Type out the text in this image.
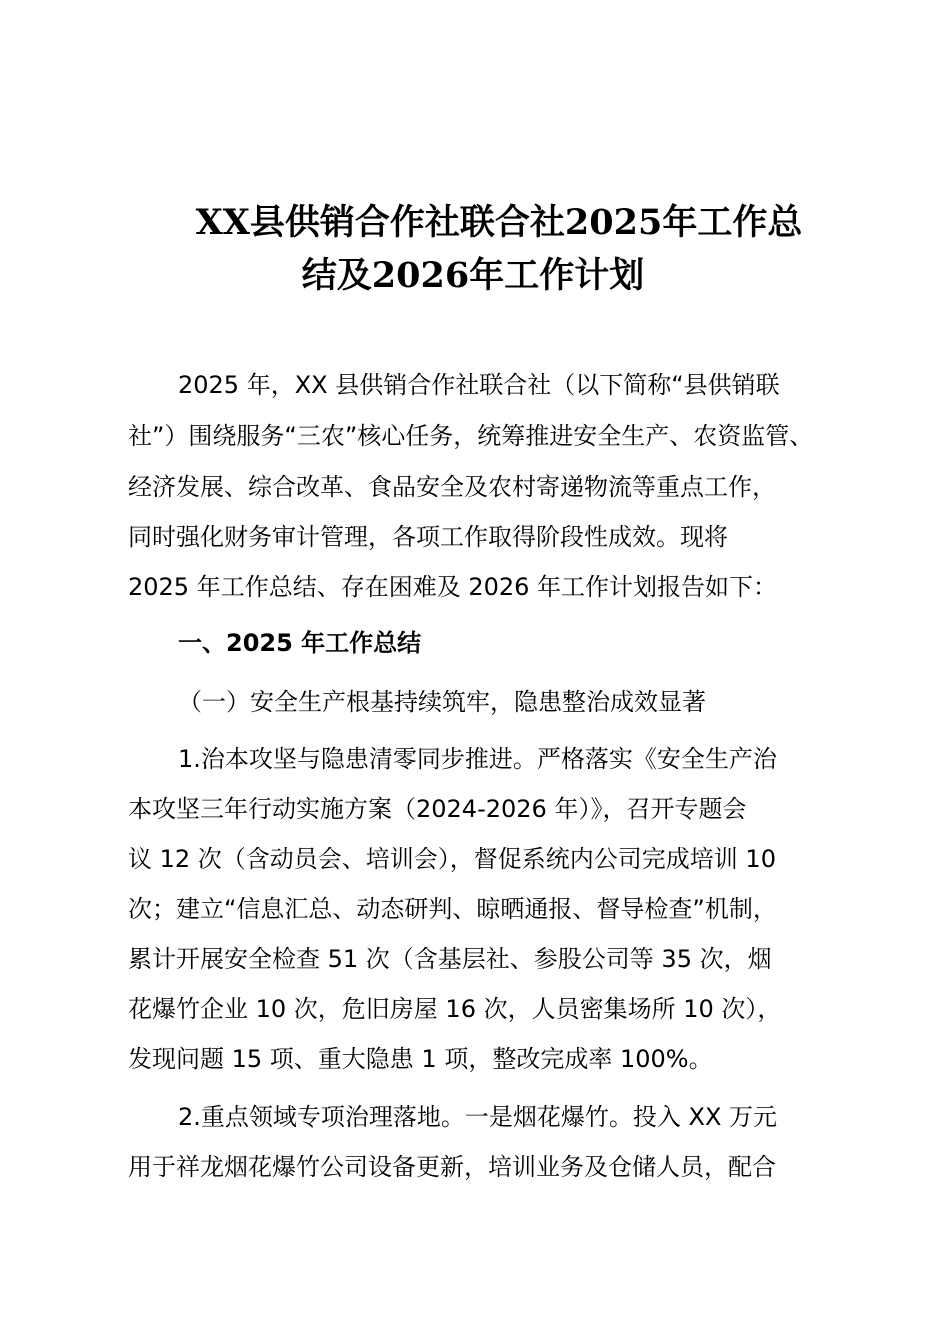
XX县供销合作社联合社2025年工作总
结及2026年工作计划

2025 年，XX 县供销合作社联合社（以下简称“县供销联

社”）围绕服务“三农”核心任务，统筹推进安全生产、农资监管、

经济发展、综合改革、食品安全及农村寄递物流等重点工作，

同时强化财务审计管理，各项工作取得阶段性成效。现将

2025 年工作总结、存在困难及 2026 年工作计划报告如下：

一、2025 年工作总结

（一）安全生产根基持续筑牢，隐患整治成效显著

1.治本攻坚与隐患清零同步推进。严格落实《安全生产治

本攻坚三年行动实施方案（2024-2026 年）》，召开专题会

议 12 次（含动员会、培训会），督促系统内公司完成培训 10

次；建立“信息汇总、动态研判、晾晒通报、督导检查”机制，

累计开展安全检查 51 次（含基层社、参股公司等 35 次，烟

花爆竹企业 10 次，危旧房屋 16 次，人员密集场所 10 次），

发现问题 15 项、重大隐患 1 项，整改完成率 100%。

2.重点领域专项治理落地。一是烟花爆竹。投入 XX 万元

用于祥龙烟花爆竹公司设备更新，培训业务及仓储人员，配合
